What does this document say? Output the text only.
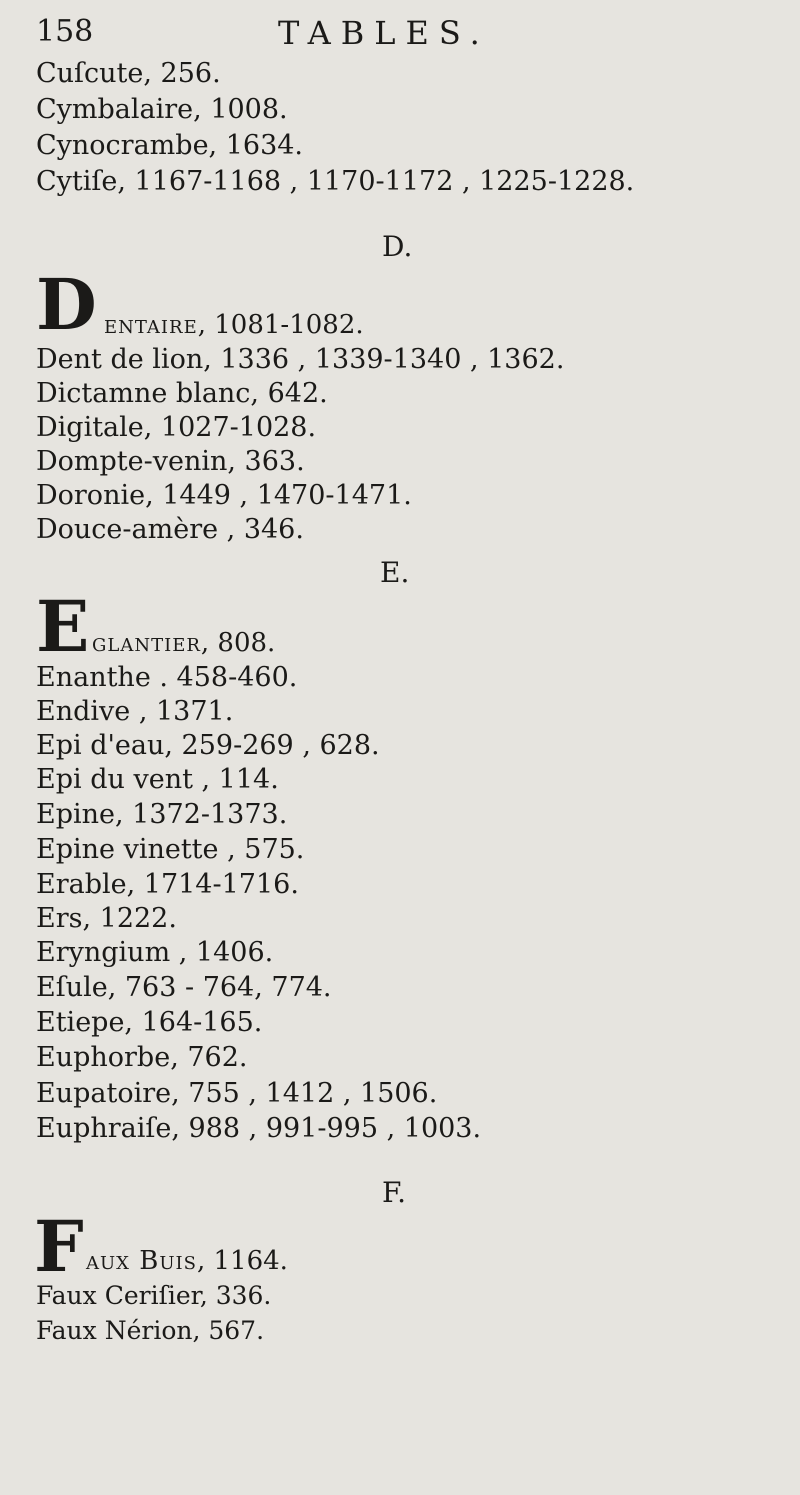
158	TABLES.
Cuſcute, 256.
Cymbalaire, 1008.
Cynocrambe, 1634.
Cytiſe, 1167-1168 , 1170-1172 , 1225-1228.
D.
D entaire, 1081-1082.
Dent de lion, 1336 , 1339-1340 , 1362.
Dictamne blanc, 642.
Digitale, 1027-1028.
Dompte-venin, 363.
Doronie, 1449 , 1470-1471.
Douce-amère , 346.
E.
E glantier, 808.
Enanthe . 458-460.
Endive , 1371.
Epi d'eau, 259-269 , 628.
Epi du vent , 114.
Epine, 1372-1373.
Epine vinette , 575.
Erable, 1714-1716.
Ers, 1222.
Eryngium , 1406.
Eſule, 763 - 764, 774.
Etiepe, 164-165.
Euphorbe, 762.
Eupatoire, 755 , 1412 , 1506.
Euphraiſe, 988 , 991-995 , 1003.
F.
F aux Buis, 1164.
Faux Ceriſier, 336.
Faux Nérion, 567.
